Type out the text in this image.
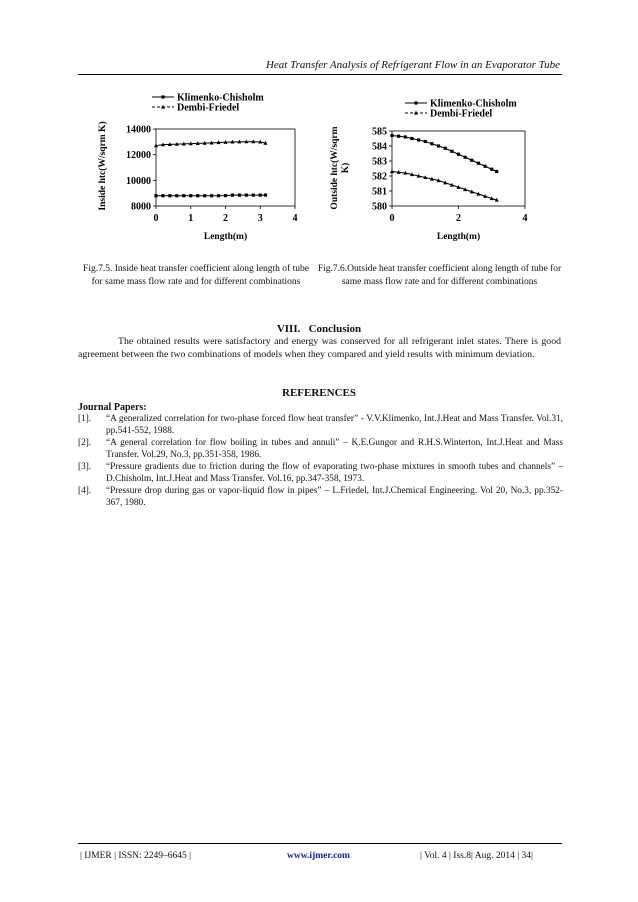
Heat Transfer Analysis of Refrigerant Flow in an Evaporator Tube
8000
10000
12000
14000
0	1	2	3	4
Length(m)
Inside htc(W/sqrm K)
Klimenko-Chisholm
Dembi-Friedel
580
581
582
583
584
585
0	2	4
Length(m)
Outside htc(W/sqrmK)
Klimenko-Chisholm
Dembi-Friedel
Fig.7.5. Inside heat transfer coefficient along length of tube for same mass flow rate and for different combinations
Fig.7.6.Outside heat transfer coefficient along length of tube for same mass flow rate and for different combinations
VIII.   Conclusion
The obtained results were satisfactory and energy was conserved for all refrigerant inlet states. There is good agreement between the two combinations of models when they compared and yield results with minimum deviation.
REFERENCES
Journal Papers:
[1].	“A generalized correlation for two-phase forced flow heat transfer” - V.V.Klimenko, Int.J.Heat and Mass Transfer. Vol.31, pp.541-552, 1988.
[2].	“A general correlation for flow boiling in tubes and annuli” – K.E.Gungor and R.H.S.Winterton, Int.J.Heat and Mass Transfer. Vol.29, No.3, pp.351-358, 1986.
[3].	“Pressure gradients due to friction during the flow of evaporating two-phase mixtures in smooth tubes and channels” – D.Chisholm, Int.J.Heat and Mass Transfer. Vol.16, pp.347-358, 1973.
[4].	“Pressure drop during gas or vapor-liquid flow in pipes” – L.Friedel, Int.J.Chemical Engineering. Vol 20, No.3, pp.352-367, 1980.
| IJMER | ISSN: 2249–6645 |	www.ijmer.com	| Vol. 4 | Iss.8| Aug. 2014 | 34|
